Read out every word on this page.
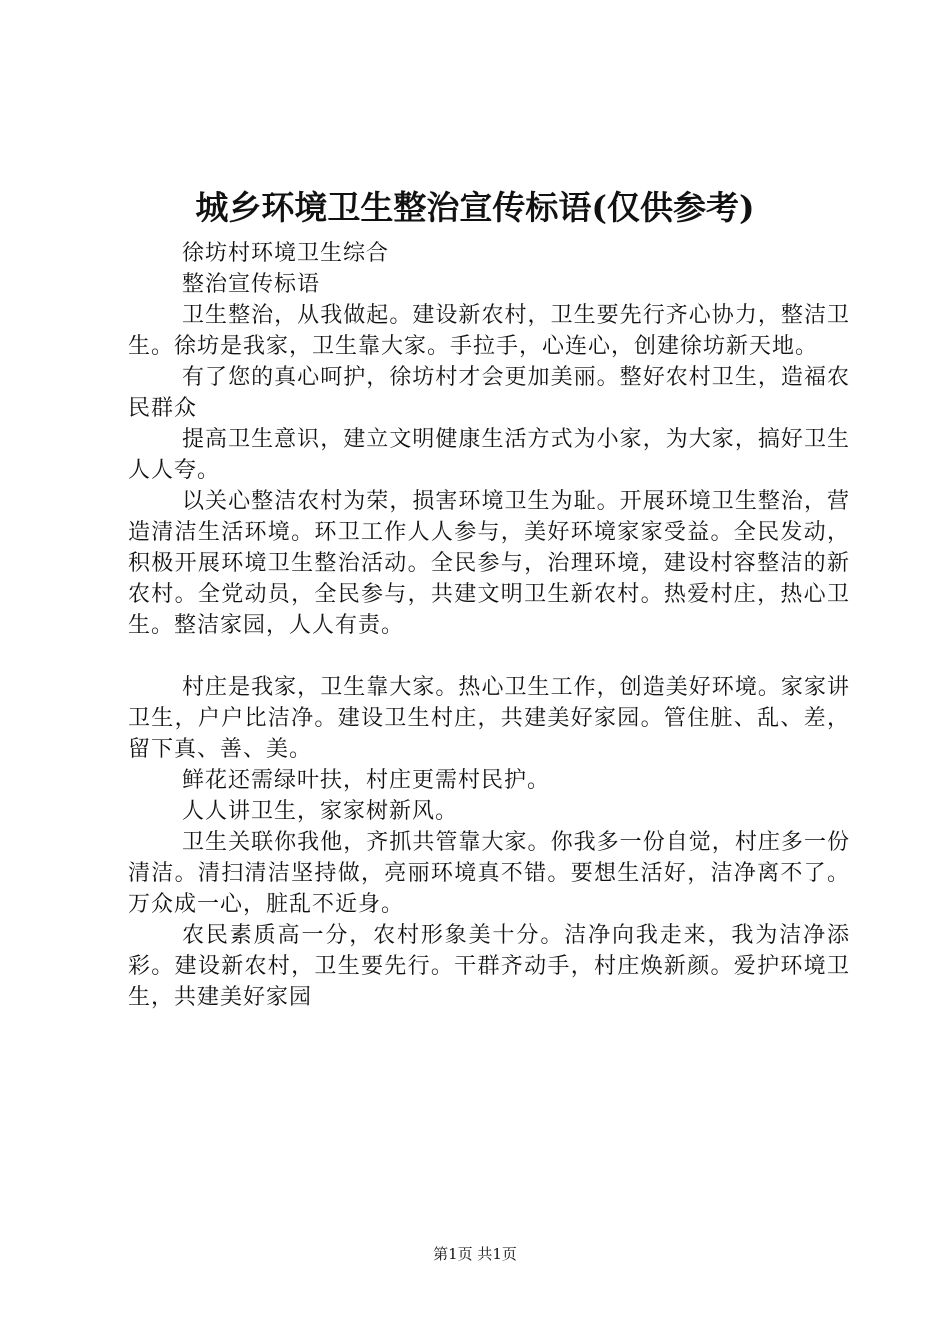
城乡环境卫生整治宣传标语(仅供参考)

徐坊村环境卫生综合

整治宣传标语

卫生整治，从我做起。建设新农村，卫生要先行齐心协力，整洁卫生。徐坊是我家，卫生靠大家。手拉手，心连心，创建徐坊新天地。

有了您的真心呵护，徐坊村才会更加美丽。整好农村卫生，造福农民群众

提高卫生意识，建立文明健康生活方式为小家，为大家，搞好卫生人人夸。

以关心整洁农村为荣，损害环境卫生为耻。开展环境卫生整治，营造清洁生活环境。环卫工作人人参与，美好环境家家受益。全民发动，积极开展环境卫生整治活动。全民参与，治理环境，建设村容整洁的新农村。全党动员，全民参与，共建文明卫生新农村。热爱村庄，热心卫生。整洁家园，人人有责。

村庄是我家，卫生靠大家。热心卫生工作，创造美好环境。家家讲卫生，户户比洁净。建设卫生村庄，共建美好家园。管住脏、乱、差，留下真、善、美。

鲜花还需绿叶扶，村庄更需村民护。

人人讲卫生，家家树新风。

卫生关联你我他，齐抓共管靠大家。你我多一份自觉，村庄多一份清洁。清扫清洁坚持做，亮丽环境真不错。要想生活好，洁净离不了。万众成一心，脏乱不近身。

农民素质高一分，农村形象美十分。洁净向我走来，我为洁净添彩。建设新农村，卫生要先行。干群齐动手，村庄焕新颜。爱护环境卫生，共建美好家园

第1页 共1页
